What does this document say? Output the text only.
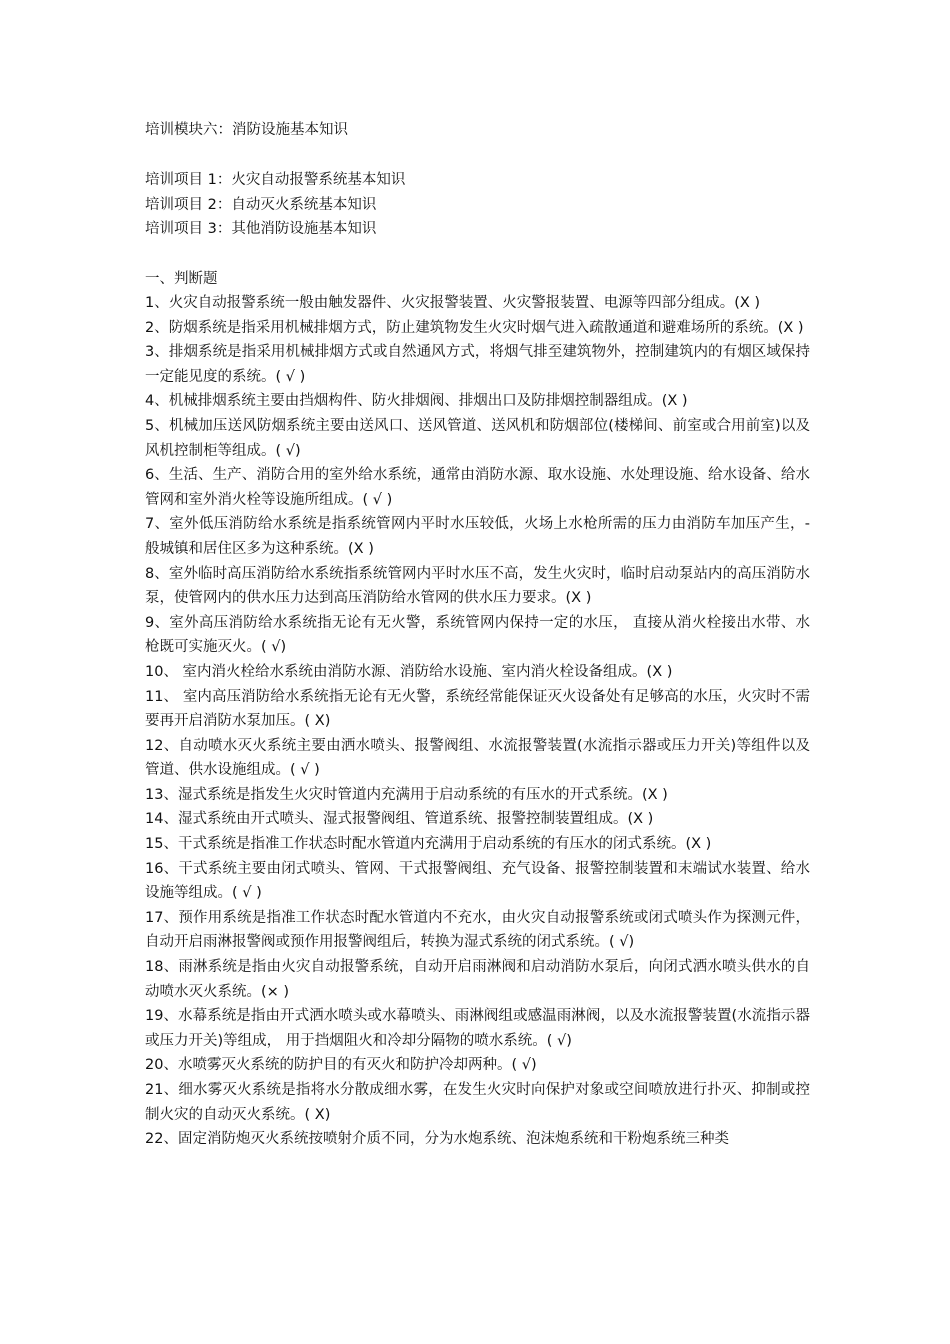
培训模块六：消防设施基本知识
培训项目 1：火灾自动报警系统基本知识
培训项目 2：自动灭火系统基本知识
培训项目 3：其他消防设施基本知识
一、判断题
1、火灾自动报警系统一般由触发器件、火灾报警装置、火灾警报装置、电源等四部分组成。(X )
2、防烟系统是指采用机械排烟方式，防止建筑物发生火灾时烟气进入疏散通道和避难场所的系统。(X )
3、排烟系统是指采用机械排烟方式或自然通风方式，将烟气排至建筑物外，控制建筑内的有烟区域保持一定能见度的系统。( √ )
4、机械排烟系统主要由挡烟构件、防火排烟阀、排烟出口及防排烟控制器组成。(X )
5、机械加压送风防烟系统主要由送风口、送风管道、送风机和防烟部位(楼梯间、前室或合用前室)以及风机控制柜等组成。( √)
6、生活、生产、消防合用的室外给水系统，通常由消防水源、取水设施、水处理设施、给水设备、给水管网和室外消火栓等设施所组成。( √ )
7、室外低压消防给水系统是指系统管网内平时水压较低，火场上水枪所需的压力由消防车加压产生，-般城镇和居住区多为这种系统。(X )
8、室外临时高压消防给水系统指系统管网内平时水压不高，发生火灾时，临时启动泵站内的高压消防水泵，使管网内的供水压力达到高压消防给水管网的供水压力要求。(X )
9、室外高压消防给水系统指无论有无火警，系统管网内保持一定的水压， 直接从消火栓接出水带、水枪既可实施灭火。( √)
10、 室内消火栓给水系统由消防水源、消防给水设施、室内消火栓设备组成。(X )
11、 室内高压消防给水系统指无论有无火警，系统经常能保证灭火设备处有足够高的水压，火灾时不需要再开启消防水泵加压。( X)
12、自动喷水灭火系统主要由洒水喷头、报警阀组、水流报警装置(水流指示器或压力开关)等组件以及管道、供水设施组成。( √ )
13、湿式系统是指发生火灾时管道内充满用于启动系统的有压水的开式系统。(X )
14、湿式系统由开式喷头、湿式报警阀组、管道系统、报警控制装置组成。(X )
15、干式系统是指准工作状态时配水管道内充满用于启动系统的有压水的闭式系统。(X )
16、干式系统主要由闭式喷头、管网、干式报警阀组、充气设备、报警控制装置和末端试水装置、给水设施等组成。( √ )
17、预作用系统是指准工作状态时配水管道内不充水，由火灾自动报警系统或闭式喷头作为探测元件，自动开启雨淋报警阀或预作用报警阀组后，转换为湿式系统的闭式系统。( √)
18、雨淋系统是指由火灾自动报警系统，自动开启雨淋阀和启动消防水泵后，向闭式洒水喷头供水的自动喷水灭火系统。(× )
19、水幕系统是指由开式洒水喷头或水幕喷头、雨淋阀组或感温雨淋阀，以及水流报警装置(水流指示器或压力开关)等组成， 用于挡烟阻火和冷却分隔物的喷水系统。( √)
20、水喷雾灭火系统的防护目的有灭火和防护冷却两种。( √)
21、细水雾灭火系统是指将水分散成细水雾，在发生火灾时向保护对象或空间喷放进行扑灭、抑制或控制火灾的自动灭火系统。( X)
22、固定消防炮灭火系统按喷射介质不同，分为水炮系统、泡沫炮系统和干粉炮系统三种类
